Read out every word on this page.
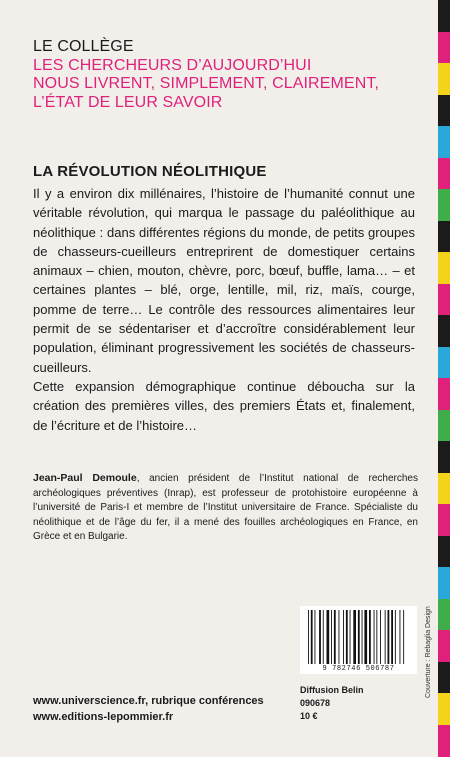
LE COLLÈGE
LES CHERCHEURS D’AUJOURD’HUI
NOUS LIVRENT, SIMPLEMENT, CLAIREMENT,
L’ÉTAT DE LEUR SAVOIR
LA RÉVOLUTION NÉOLITHIQUE

Il y a environ dix millénaires, l’histoire de l’humanité connut une véritable révolution, qui marqua le passage du paléolithique au néolithique : dans différentes régions du monde, de petits groupes de chasseurs-cueilleurs entreprirent de domestiquer certains animaux – chien, mouton, chèvre, porc, bœuf, buffle, lama… – et certaines plantes – blé, orge, lentille, mil, riz, maïs, courge, pomme de terre… Le contrôle des ressources alimentaires leur permit de se sédentariser et d’accroître considérablement leur population, éliminant progressivement les sociétés de chasseurs-cueilleurs.

Cette expansion démographique continue déboucha sur la création des premières villes, des premiers États et, finalement, de l’écriture et de l’histoire…

Jean-Paul Demoule, ancien président de l’Institut national de recherches archéologiques préventives (Inrap), est professeur de protohistoire européenne à l’université de Paris-I et membre de l’Institut universitaire de France. Spécialiste du néolithique et de l’âge du fer, il a mené des fouilles archéologiques en France, en Grèce et en Bulgarie.
9 782746 506787
Diffusion Belin
090678
10 €
www.universcience.fr, rubrique conférences
www.editions-lepommier.fr
Couverture : Rebaglia Design
